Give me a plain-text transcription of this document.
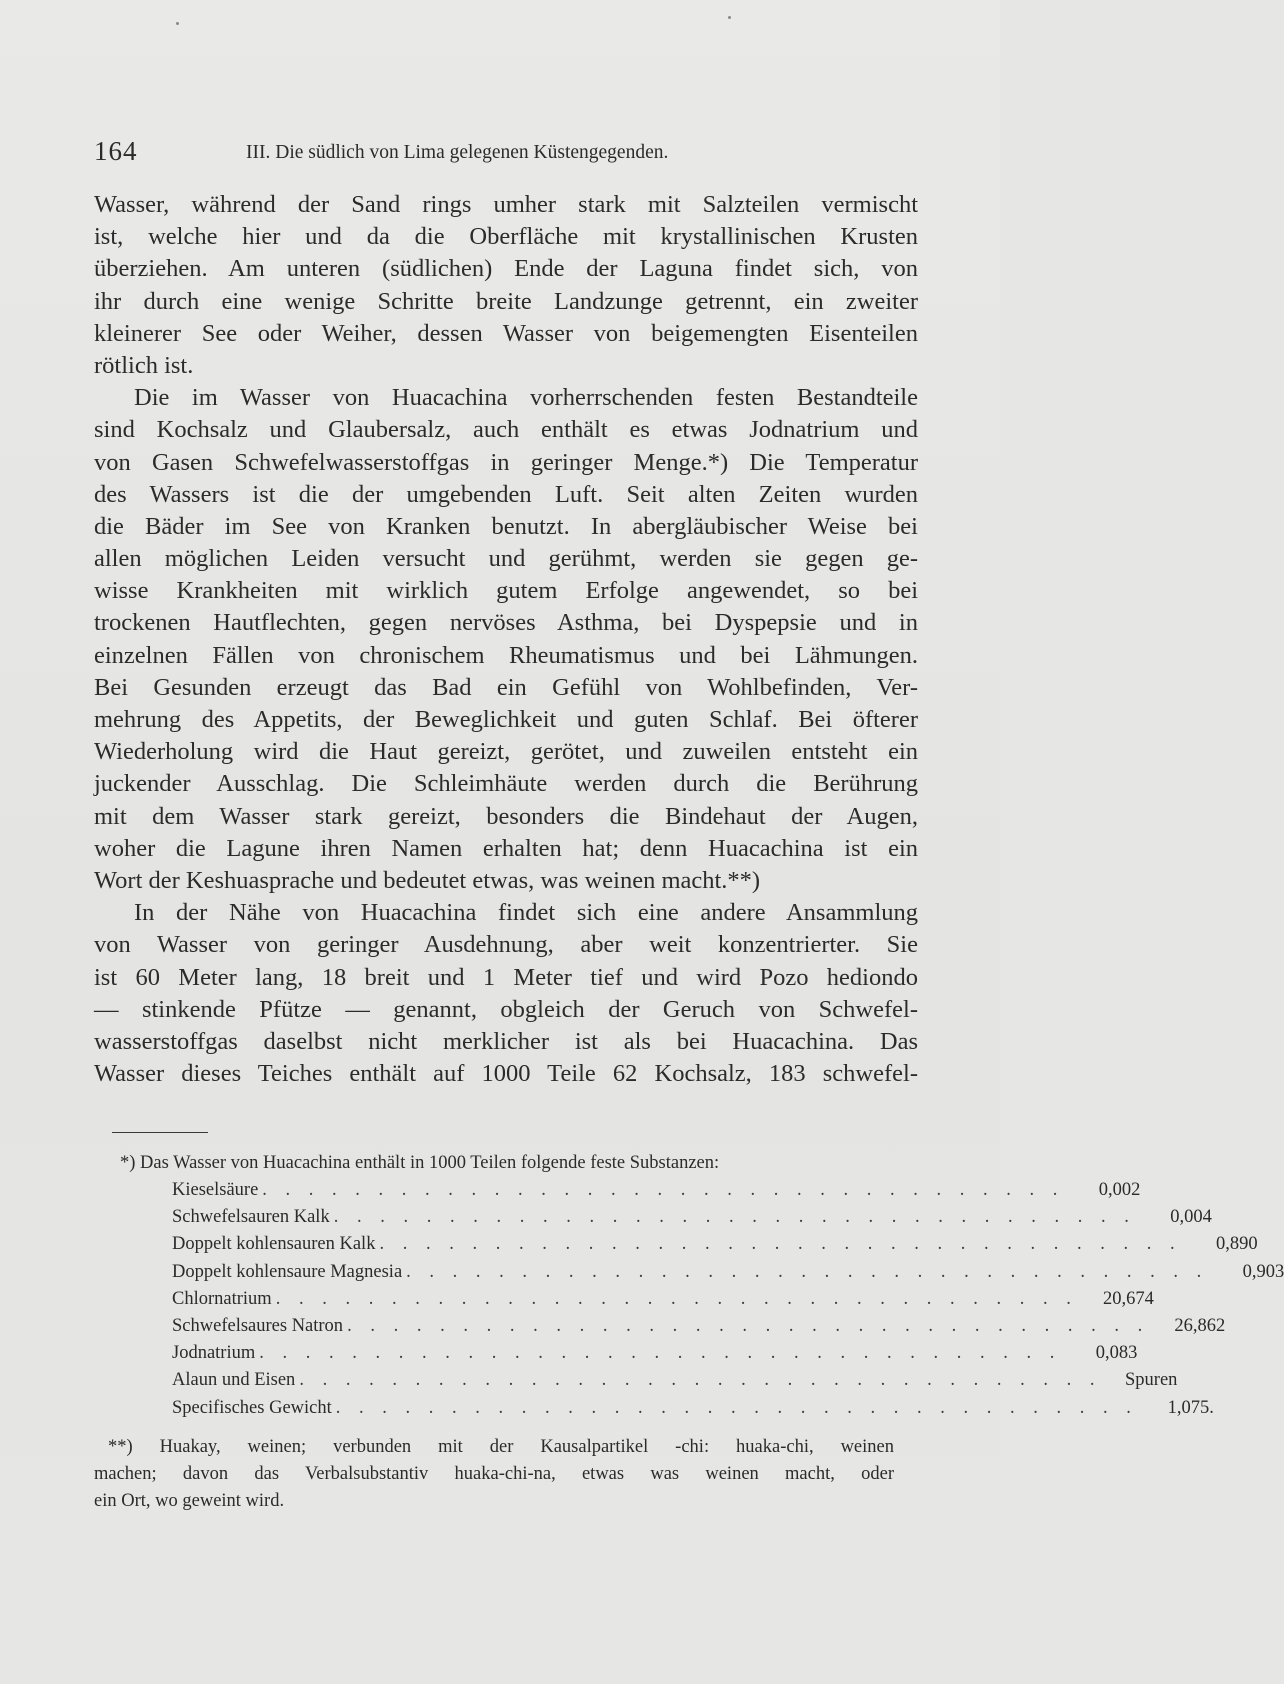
164	III. Die südlich von Lima gelegenen Küstengegenden.
Wasser, während der Sand rings umher stark mit Salzteilen vermischt
ist, welche hier und da die Oberfläche mit krystallinischen Krusten
überziehen. Am unteren (südlichen) Ende der Laguna findet sich, von
ihr durch eine wenige Schritte breite Landzunge getrennt, ein zweiter
kleinerer See oder Weiher, dessen Wasser von beigemengten Eisenteilen
rötlich ist.
Die im Wasser von Huacachina vorherrschenden festen Bestandteile
sind Kochsalz und Glaubersalz, auch enthält es etwas Jodnatrium und
von Gasen Schwefelwasserstoffgas in geringer Menge.*) Die Temperatur
des Wassers ist die der umgebenden Luft. Seit alten Zeiten wurden
die Bäder im See von Kranken benutzt. In abergläubischer Weise bei
allen möglichen Leiden versucht und gerühmt, werden sie gegen ge-
wisse Krankheiten mit wirklich gutem Erfolge angewendet, so bei
trockenen Hautflechten, gegen nervöses Asthma, bei Dyspepsie und in
einzelnen Fällen von chronischem Rheumatismus und bei Lähmungen.
Bei Gesunden erzeugt das Bad ein Gefühl von Wohlbefinden, Ver-
mehrung des Appetits, der Beweglichkeit und guten Schlaf. Bei öfterer
Wiederholung wird die Haut gereizt, gerötet, und zuweilen entsteht ein
juckender Ausschlag. Die Schleimhäute werden durch die Berührung
mit dem Wasser stark gereizt, besonders die Bindehaut der Augen,
woher die Lagune ihren Namen erhalten hat; denn Huacachina ist ein
Wort der Keshuasprache und bedeutet etwas, was weinen macht.**)
In der Nähe von Huacachina findet sich eine andere Ansammlung
von Wasser von geringer Ausdehnung, aber weit konzentrierter. Sie
ist 60 Meter lang, 18 breit und 1 Meter tief und wird Pozo hediondo
— stinkende Pfütze — genannt, obgleich der Geruch von Schwefel-
wasserstoffgas daselbst nicht merklicher ist als bei Huacachina. Das
Wasser dieses Teiches enthält auf 1000 Teile 62 Kochsalz, 183 schwefel-
*) Das Wasser von Huacachina enthält in 1000 Teilen folgende feste Substanzen:
Kieselsäure . . . . . . . . . . . . . . . . . . . . . . . . . . . . . . . . . . .	0,002
Schwefelsauren Kalk . . . . . . . . . . . . . . . . . . . . . . . . . . . . . . . . . . .	0,004
Doppelt kohlensauren Kalk . . . . . . . . . . . . . . . . . . . . . . . . . . . . . . . . . . .	0,890
Doppelt kohlensaure Magnesia . . . . . . . . . . . . . . . . . . . . . . . . . . . . . . . . . . .	0,903
Chlornatrium . . . . . . . . . . . . . . . . . . . . . . . . . . . . . . . . . . .	20,674
Schwefelsaures Natron . . . . . . . . . . . . . . . . . . . . . . . . . . . . . . . . . . .	26,862
Jodnatrium . . . . . . . . . . . . . . . . . . . . . . . . . . . . . . . . . . .	0,083
Alaun und Eisen . . . . . . . . . . . . . . . . . . . . . . . . . . . . . . . . . . .	Spuren
Specifisches Gewicht . . . . . . . . . . . . . . . . . . . . . . . . . . . . . . . . . . .	1,075.
**) Huakay, weinen; verbunden mit der Kausalpartikel -chi: huaka-chi, weinen
machen; davon das Verbalsubstantiv huaka-chi-na, etwas was weinen macht, oder
ein Ort, wo geweint wird.
